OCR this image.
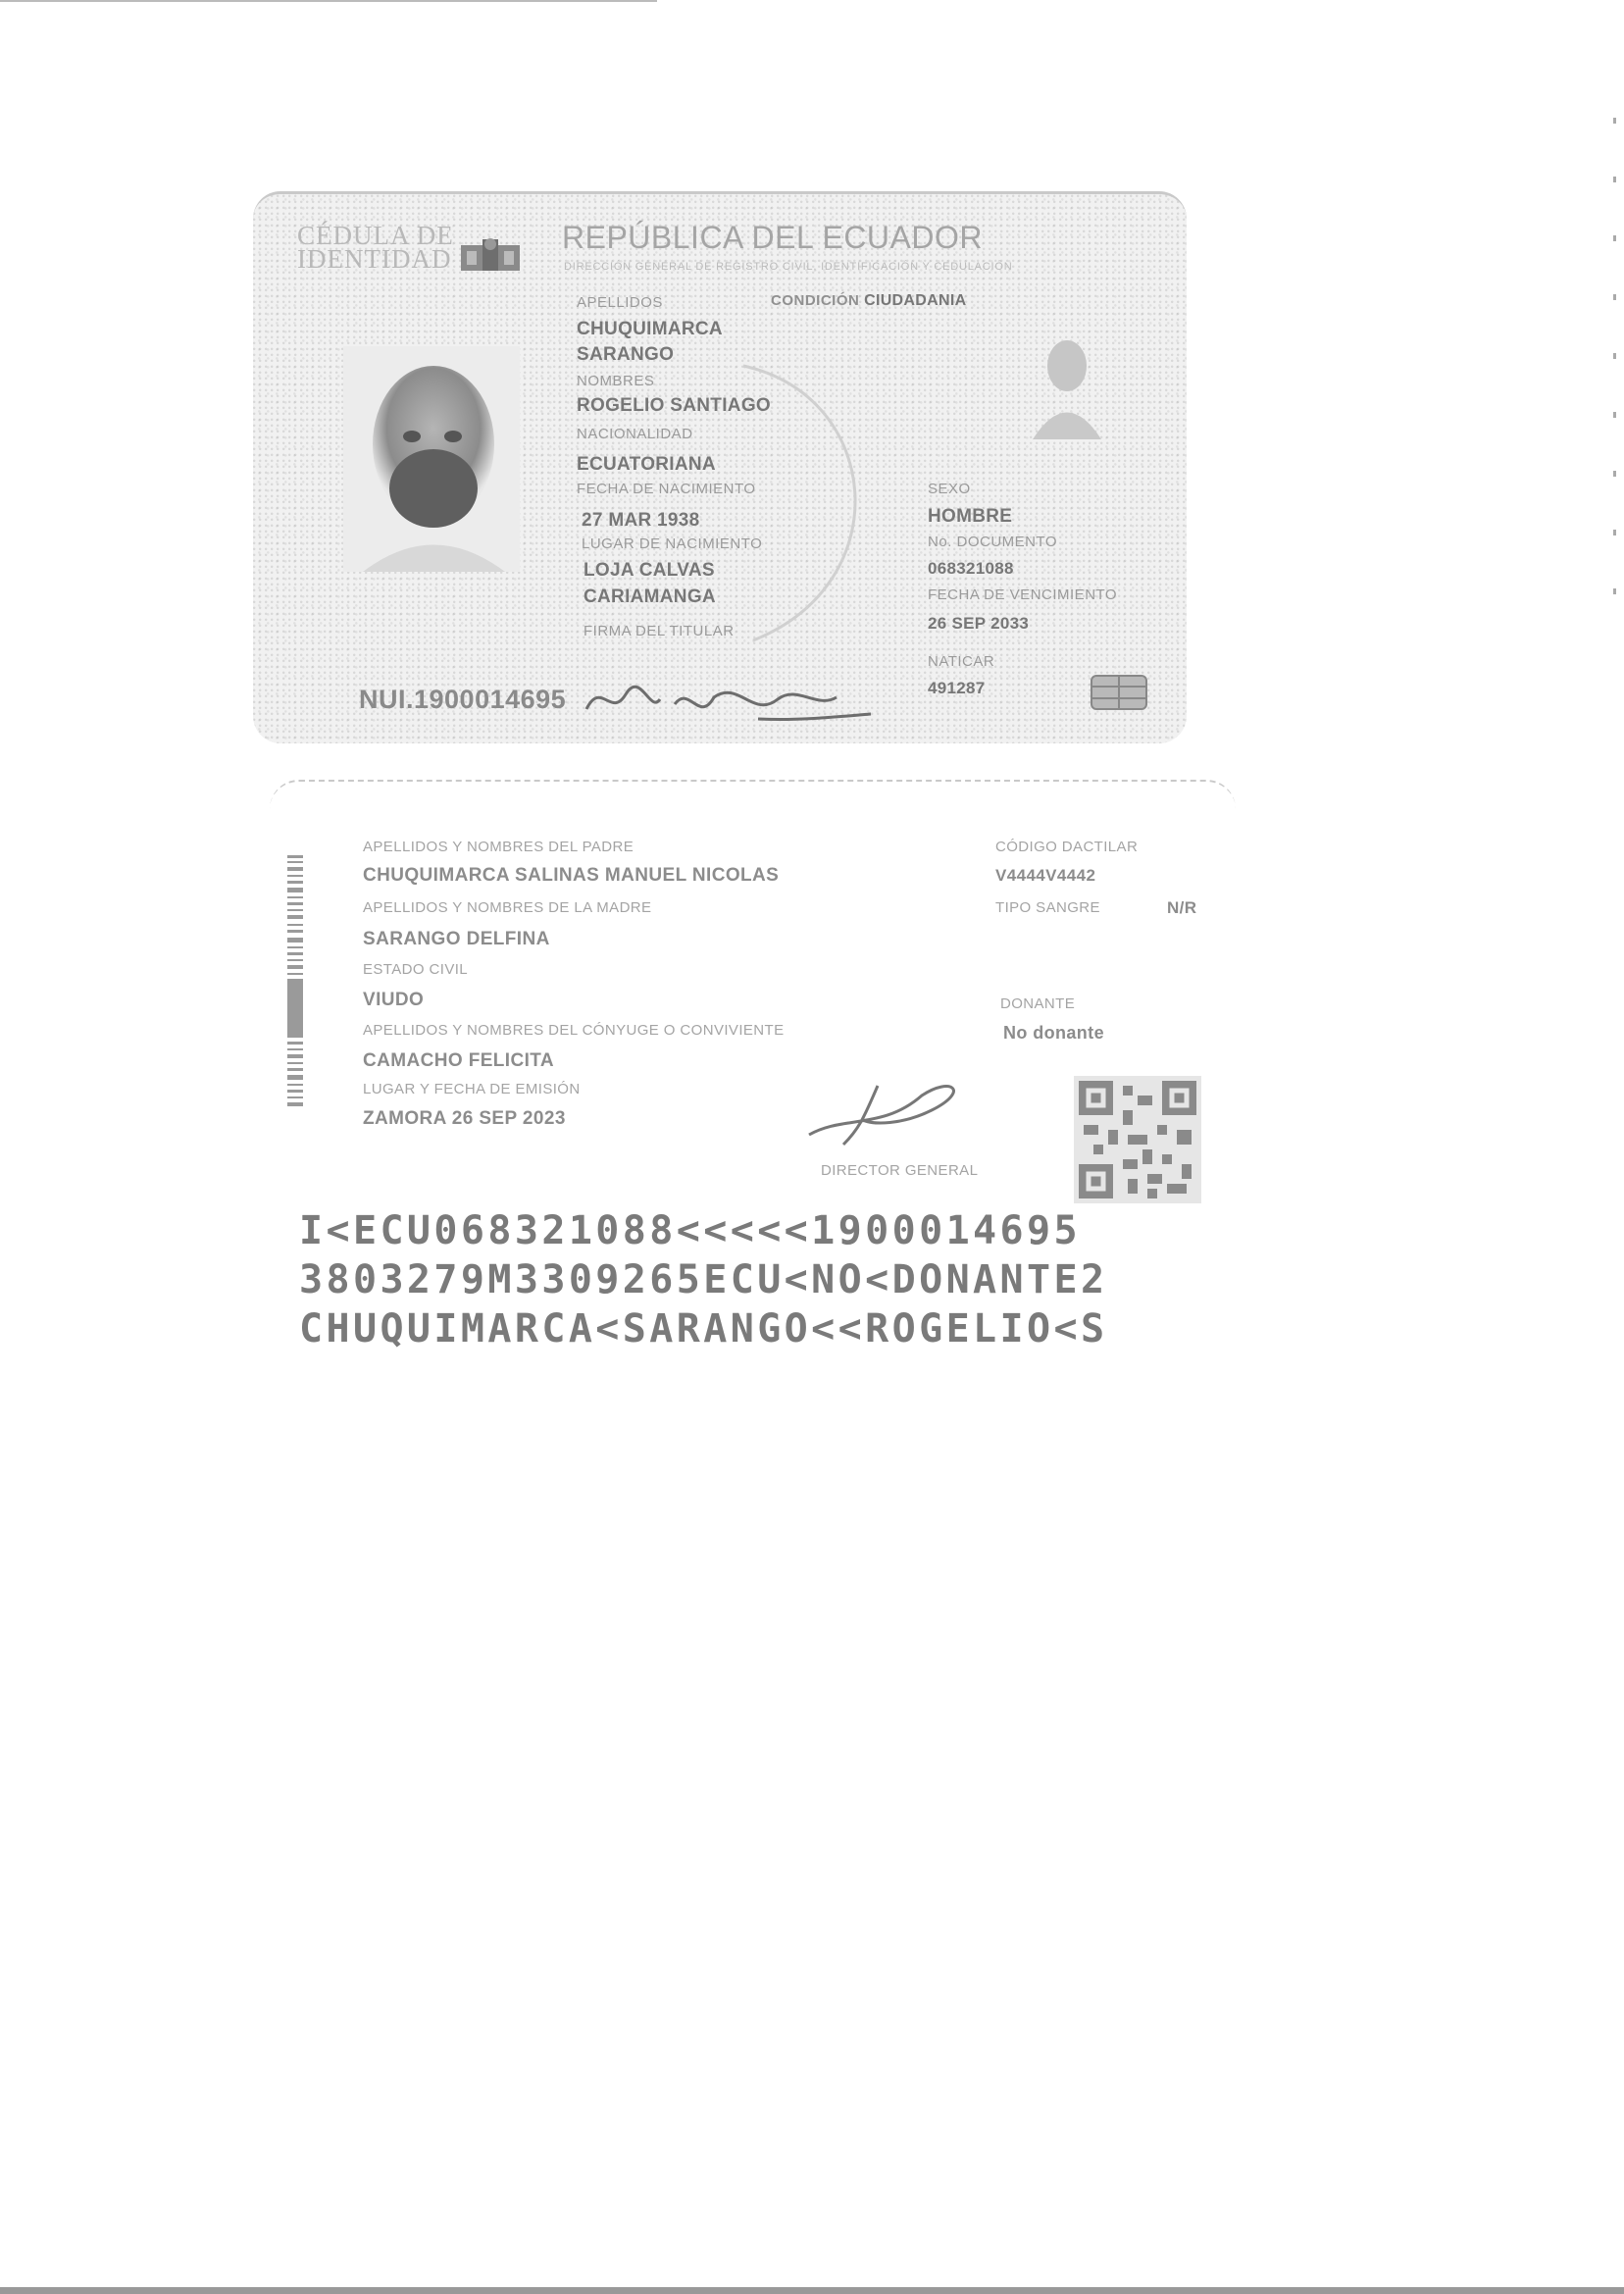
CÉDULA DE
IDENTIDAD
REPÚBLICA DEL ECUADOR
DIRECCIÓN GENERAL DE REGISTRO CIVIL, IDENTIFICACIÓN Y CEDULACIÓN
APELLIDOS	CONDICIÓN CIUDADANIA
CHUQUIMARCA
SARANGO
NOMBRES
ROGELIO SANTIAGO
NACIONALIDAD
ECUATORIANA
FECHA DE NACIMIENTO
27 MAR 1938
LUGAR DE NACIMIENTO
LOJA CALVAS
CARIAMANGA
FIRMA DEL TITULAR
SEXO
HOMBRE
No. DOCUMENTO
068321088
FECHA DE VENCIMIENTO
26 SEP 2033
NATICAR
491287
NUI.1900014695
APELLIDOS Y NOMBRES DEL PADRE
CHUQUIMARCA SALINAS MANUEL NICOLAS
APELLIDOS Y NOMBRES DE LA MADRE
SARANGO DELFINA
ESTADO CIVIL
VIUDO
APELLIDOS Y NOMBRES DEL CÓNYUGE O CONVIVIENTE
CAMACHO FELICITA
LUGAR Y FECHA DE EMISIÓN
ZAMORA 26 SEP 2023
CÓDIGO DACTILAR
V4444V4442
TIPO SANGRE	N/R
DONANTE
No donante
DIRECTOR GENERAL
I<ECU068321088<<<<<1900014695
3803279M3309265ECU<NO<DONANTE2
CHUQUIMARCA<SARANGO<<ROGELIO<S
